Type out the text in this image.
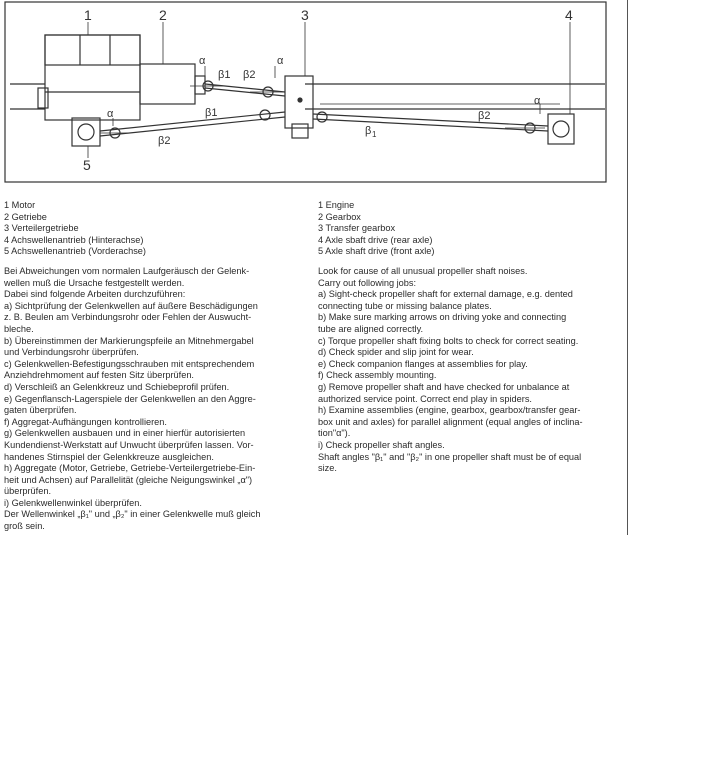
1	2	3	4
5
α	α
α
α
β1 β2
β1
β2
β 1
β2
1 Motor
2 Getriebe
3 Verteilergetriebe
4 Achswellenantrieb (Hinterachse)
5 Achswellenantrieb (Vorderachse)
1 Engine
2 Gearbox
3 Transfer gearbox
4 Axle sbaft drive (rear axle)
5 Axle shaft drive (front axle)

Bei Abweichungen vom normalen Laufgeräusch der Gelenk-

wellen muß die Ursache festgestellt werden.

Dabei sind folgende Arbeiten durchzuführen:

a) Sichtprüfung der Gelenkwellen auf äußere Beschädigungen

z. B. Beulen am Verbindungsrohr oder Fehlen der Auswucht-

bleche.

b) Übereinstimmen der Markierungspfeile an Mitnehmergabel

und Verbindungsrohr überprüfen.

c) Gelenkwellen-Befestigungsschrauben mit entsprechendem

Anziehdrehmoment auf festen Sitz überprüfen.

d) Verschleiß an Gelenkkreuz und Schiebeprofil prüfen.

e) Gegenflansch-Lagerspiele der Gelenkwellen an den Aggre-

gaten überprüfen.

f) Aggregat-Aufhängungen kontrollieren.

g) Gelenkwellen ausbauen und in einer hierfür autorisierten

Kundendienst-Werkstatt auf Unwucht überprüfen lassen. Vor-

handenes Stirnspiel der Gelenkkreuze ausgleichen.

h) Aggregate (Motor, Getriebe, Getriebe-Verteilergetriebe-Ein-

heit und Achsen) auf Parallelität (gleiche Neigungswinkel „α")

überprüfen.

i) Gelenkwellenwinkel überprüfen.

Der Wellenwinkel „β₁" und „β₂" in einer Gelenkwelle muß gleich

groß sein.

Look for cause of all unusual propeller shaft noises.

Carry out following jobs:

a) Sight-check propeller shaft for external damage, e.g. dented

connecting tube or missing balance plates.

b) Make sure marking arrows on driving yoke and connecting

tube are aligned correctly.

c) Torque propeller shaft fixing bolts to check for correct seating.

d) Check spider and slip joint for wear.

e) Check companion flanges at assemblies for play.

f) Check assembly mounting.

g) Remove propeller shaft and have checked for unbalance at

authorized service point. Correct end play in spiders.

h) Examine assemblies (engine, gearbox, gearbox/transfer gear-

box unit and axles) for parallel alignment (equal angles of inclina-

tion"α").

i) Check propeller shaft angles.

Shaft angles "β₁" and "β₂" in one propeller shaft must be of equal

size.
